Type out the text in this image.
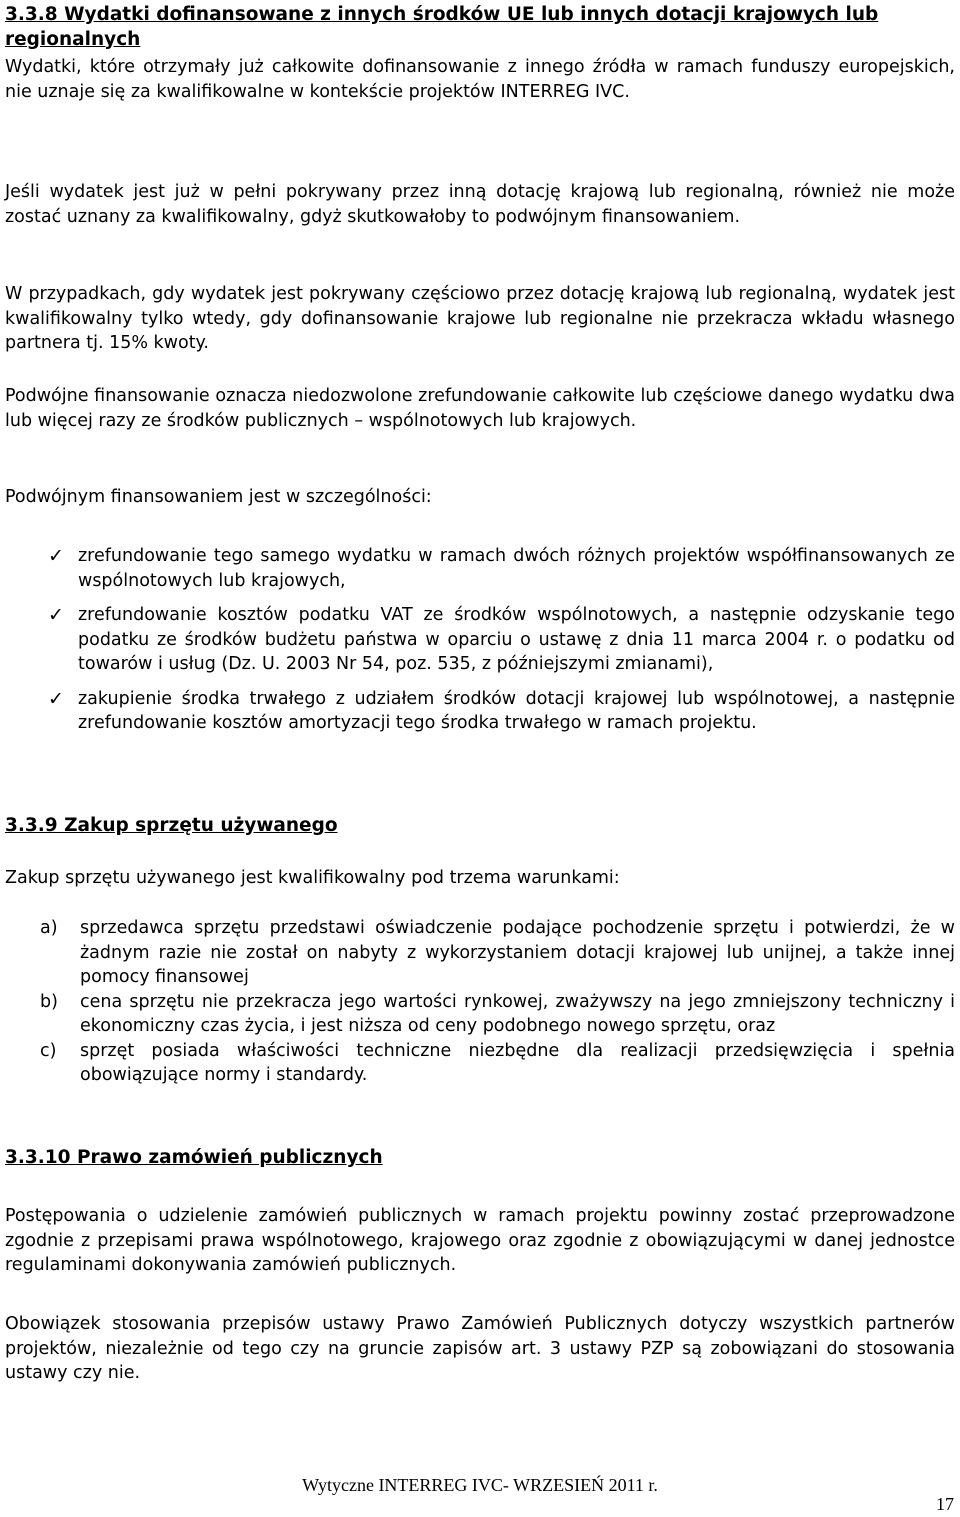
3.3.8 Wydatki dofinansowane z innych środków UE lub innych dotacji krajowych lub regionalnych

Wydatki, które otrzymały już całkowite dofinansowanie z innego źródła w ramach funduszy europejskich, nie uznaje się za kwalifikowalne w kontekście projektów INTERREG IVC.

Jeśli wydatek jest już w pełni pokrywany przez inną dotację krajową lub regionalną, również nie może zostać uznany za kwalifikowalny, gdyż skutkowałoby to podwójnym finansowaniem.

W przypadkach, gdy wydatek jest pokrywany częściowo przez dotację krajową lub regionalną, wydatek jest kwalifikowalny tylko wtedy, gdy dofinansowanie krajowe lub regionalne nie przekracza wkładu własnego partnera tj. 15% kwoty.

Podwójne finansowanie oznacza niedozwolone zrefundowanie całkowite lub częściowe danego wydatku dwa lub więcej razy ze środków publicznych – wspólnotowych lub krajowych.

Podwójnym finansowaniem jest w szczególności:

✓ zrefundowanie tego samego wydatku w ramach dwóch różnych projektów współfinansowanych ze wspólnotowych lub krajowych,
✓ zrefundowanie kosztów podatku VAT ze środków wspólnotowych, a następnie odzyskanie tego podatku ze środków budżetu państwa w oparciu o ustawę z dnia 11 marca 2004 r. o podatku od towarów i usług (Dz. U. 2003 Nr 54, poz. 535, z późniejszymi zmianami),
✓ zakupienie środka trwałego z udziałem środków dotacji krajowej lub wspólnotowej, a następnie zrefundowanie kosztów amortyzacji tego środka trwałego w ramach projektu.
3.3.9 Zakup sprzętu używanego

Zakup sprzętu używanego jest kwalifikowalny pod trzema warunkami:

a) sprzedawca sprzętu przedstawi oświadczenie podające pochodzenie sprzętu i potwierdzi, że w żadnym razie nie został on nabyty z wykorzystaniem dotacji krajowej lub unijnej, a także innej pomocy finansowej
b) cena sprzętu nie przekracza jego wartości rynkowej, zważywszy na jego zmniejszony techniczny i ekonomiczny czas życia, i jest niższa od ceny podobnego nowego sprzętu, oraz
c) sprzęt posiada właściwości techniczne niezbędne dla realizacji przedsięwzięcia i spełnia obowiązujące normy i standardy.
3.3.10 Prawo zamówień publicznych

Postępowania o udzielenie zamówień publicznych w ramach projektu powinny zostać przeprowadzone zgodnie z przepisami prawa wspólnotowego, krajowego oraz zgodnie z obowiązującymi w danej jednostce regulaminami dokonywania zamówień publicznych.

Obowiązek stosowania przepisów ustawy Prawo Zamówień Publicznych dotyczy wszystkich partnerów projektów, niezależnie od tego czy na gruncie zapisów art. 3 ustawy PZP są zobowiązani do stosowania ustawy czy nie.

Wytyczne INTERREG IVC- WRZESIEŃ 2011 r.

17
